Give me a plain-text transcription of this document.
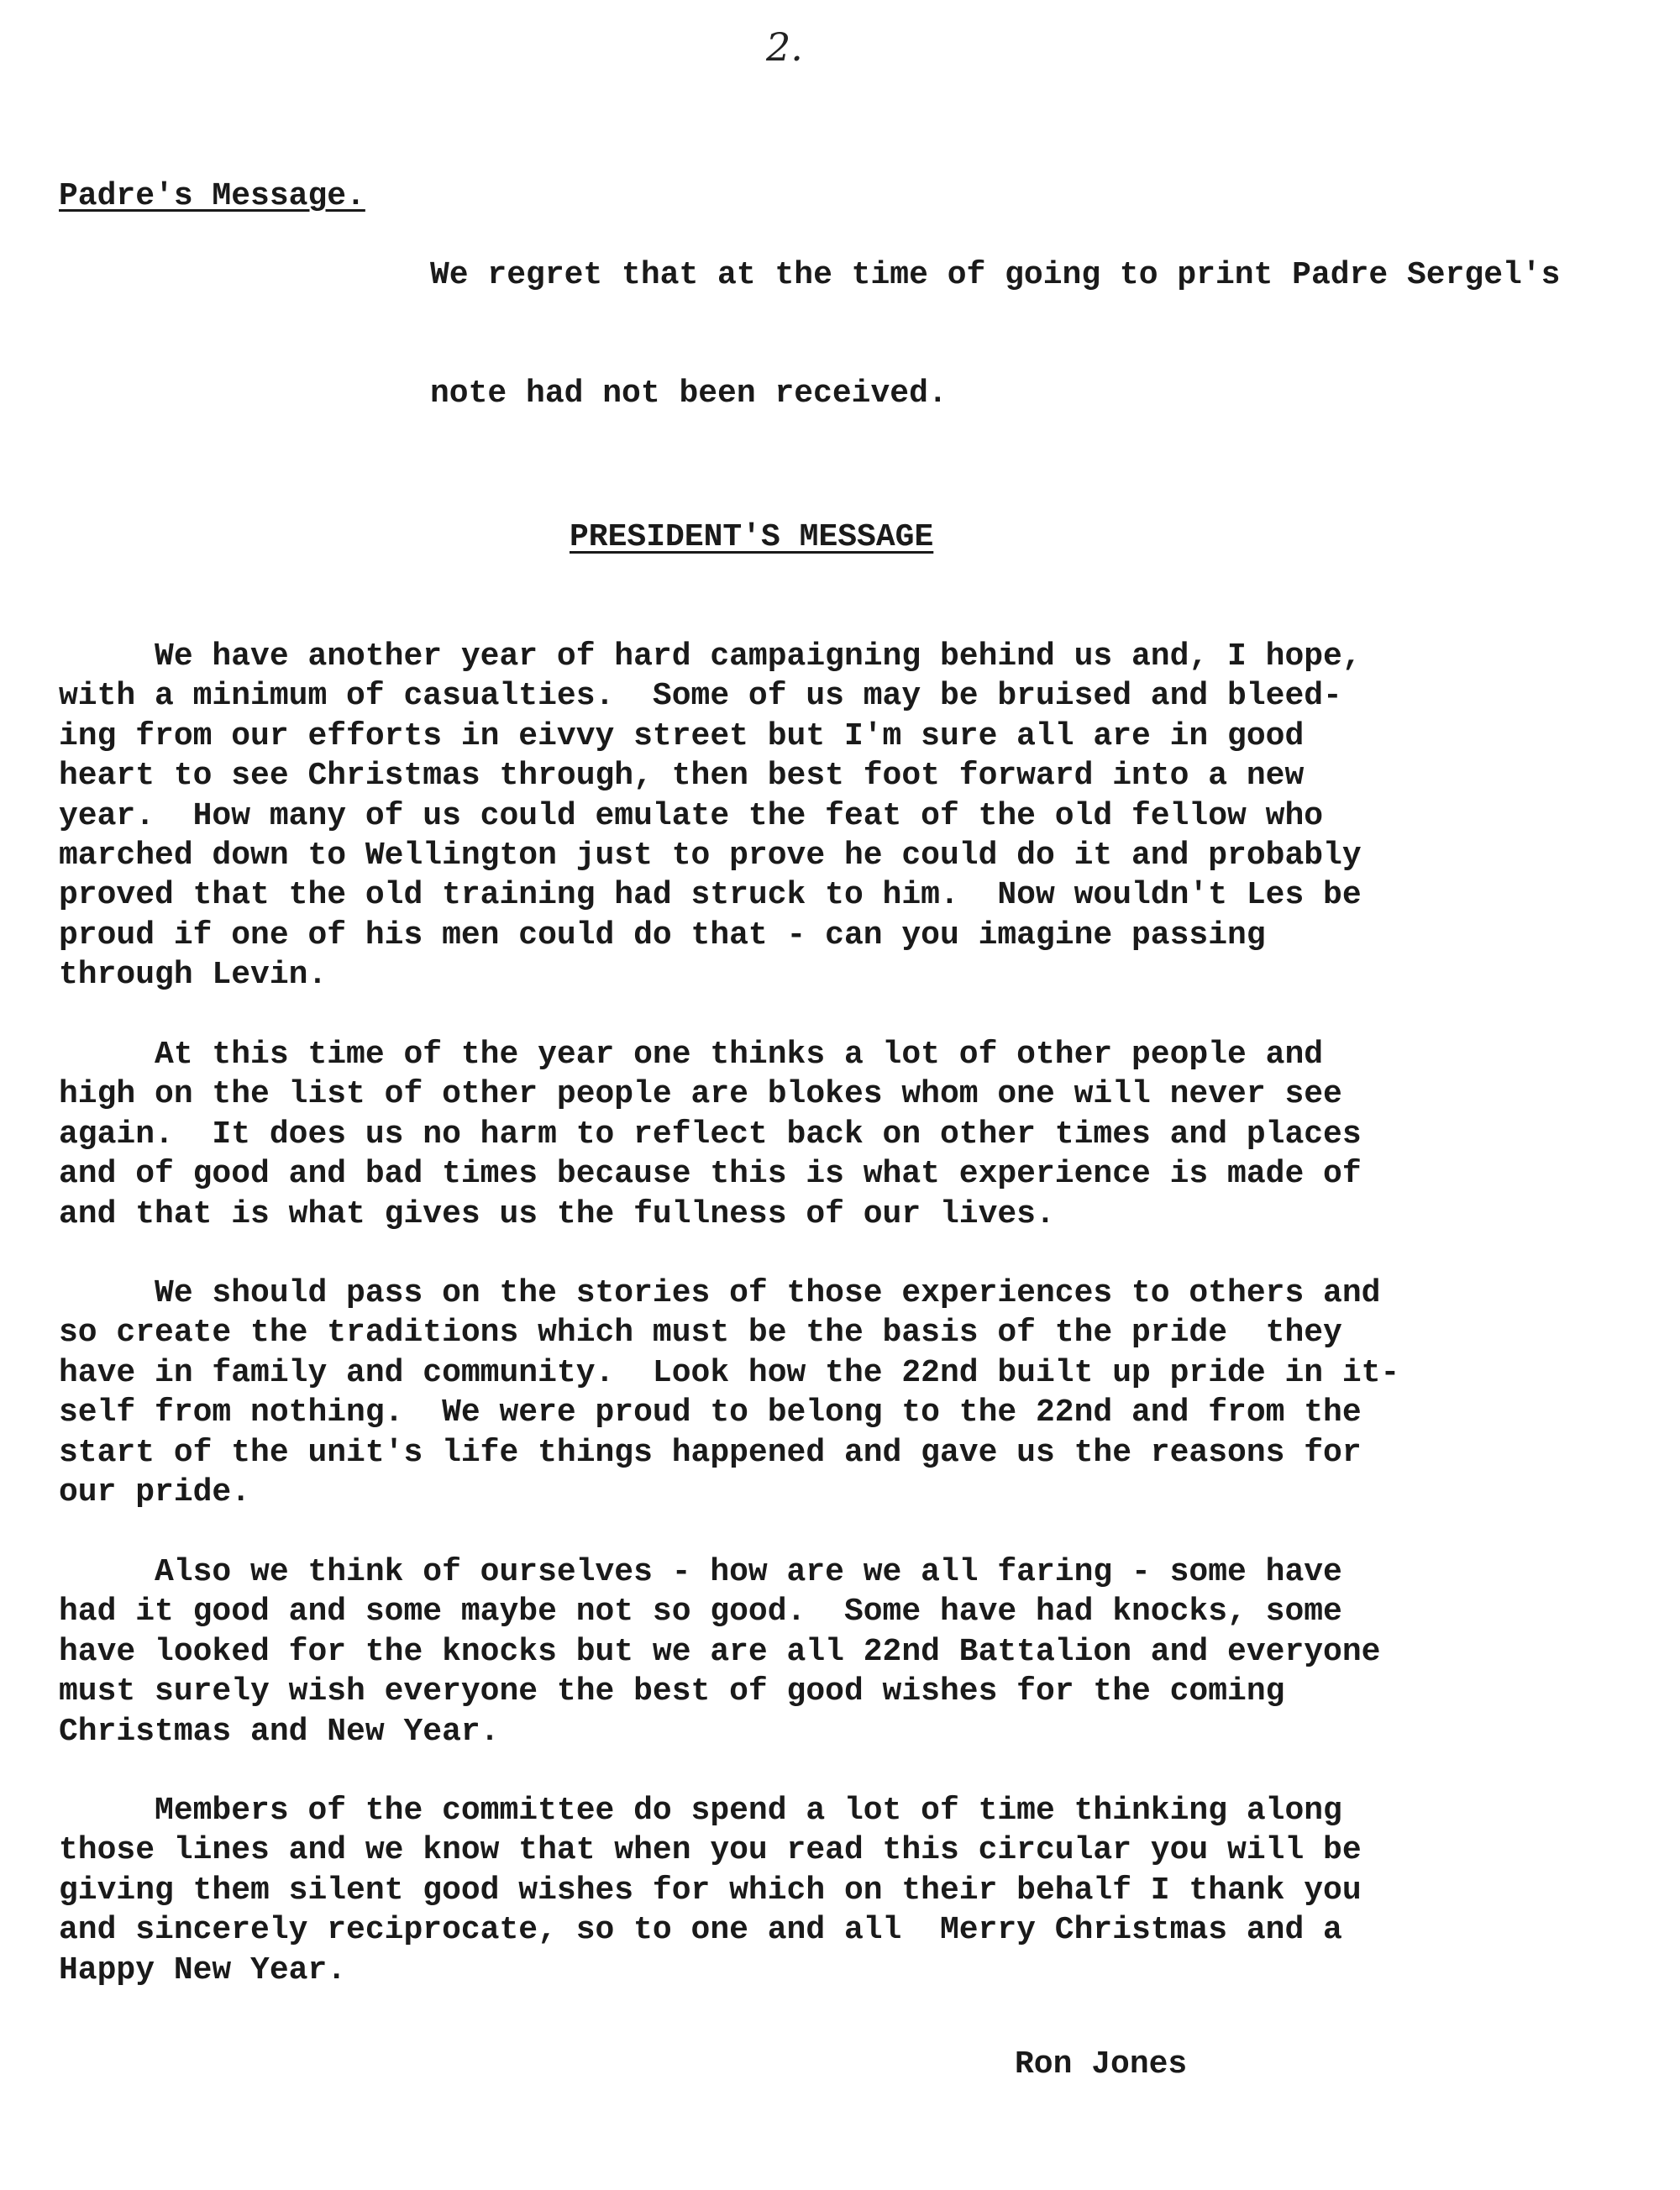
2.
Padre's Message.

We regret that at the time of going to print Padre Sergel's

note had not been received.

PRESIDENT'S MESSAGE
We have another year of hard campaigning behind us and, I hope,
with a minimum of casualties.  Some of us may be bruised and bleed-
ing from our efforts in eivvy street but I'm sure all are in good
heart to see Christmas through, then best foot forward into a new
year.  How many of us could emulate the feat of the old fellow who
marched down to Wellington just to prove he could do it and probably
proved that the old training had struck to him.  Now wouldn't Les be
proud if one of his men could do that - can you imagine passing
through Levin.
At this time of the year one thinks a lot of other people and
high on the list of other people are blokes whom one will never see
again.  It does us no harm to reflect back on other times and places
and of good and bad times because this is what experience is made of
and that is what gives us the fullness of our lives.
We should pass on the stories of those experiences to others and
so create the traditions which must be the basis of the pride  they
have in family and community.  Look how the 22nd built up pride in it-
self from nothing.  We were proud to belong to the 22nd and from the
start of the unit's life things happened and gave us the reasons for
our pride.
Also we think of ourselves - how are we all faring - some have
had it good and some maybe not so good.  Some have had knocks, some
have looked for the knocks but we are all 22nd Battalion and everyone
must surely wish everyone the best of good wishes for the coming
Christmas and New Year.
Members of the committee do spend a lot of time thinking along
those lines and we know that when you read this circular you will be
giving them silent good wishes for which on their behalf I thank you
and sincerely reciprocate, so to one and all  Merry Christmas and a
Happy New Year.
Ron Jones
